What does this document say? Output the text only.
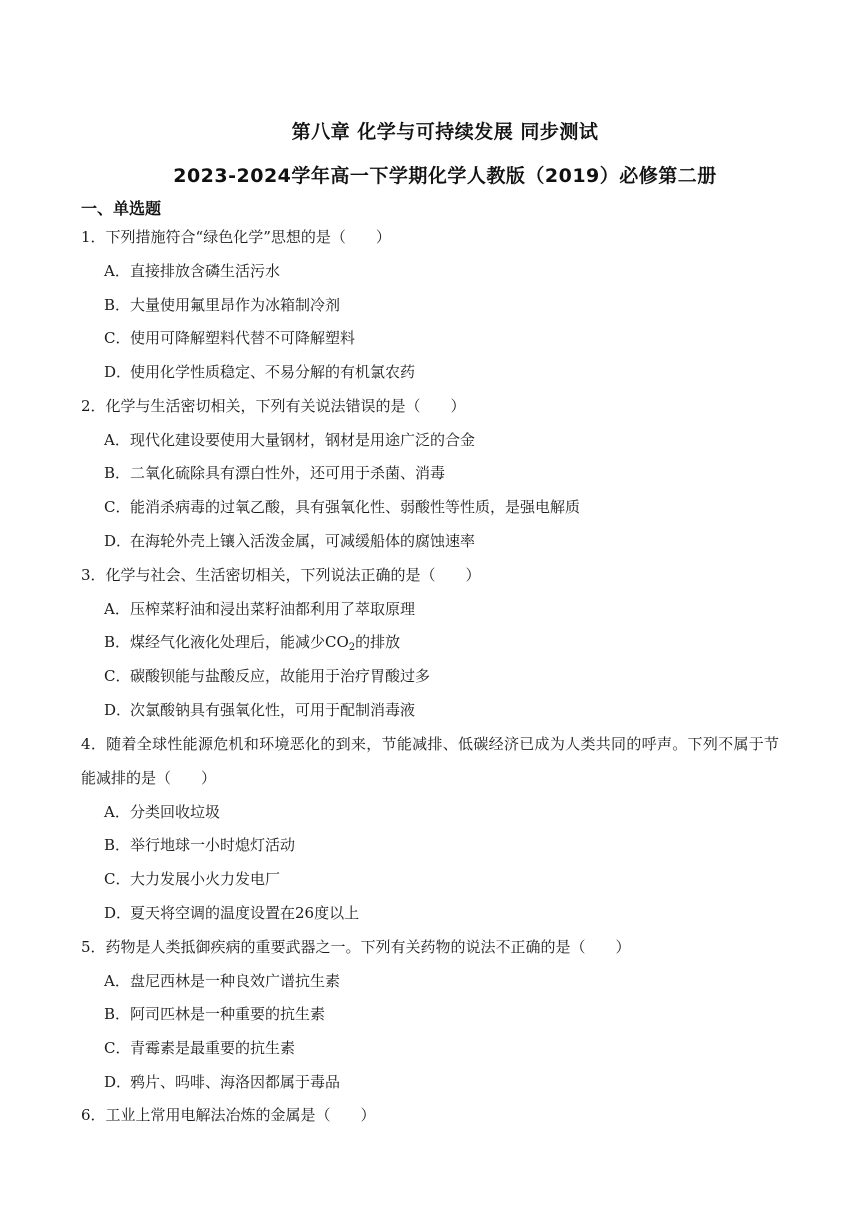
第八章 化学与可持续发展 同步测试
2023-2024学年高一下学期化学人教版（2019）必修第二册
一、单选题
1．下列措施符合“绿色化学”思想的是（　　）
A．直接排放含磷生活污水
B．大量使用氟里昂作为冰箱制冷剂
C．使用可降解塑料代替不可降解塑料
D．使用化学性质稳定、不易分解的有机氯农药
2．化学与生活密切相关，下列有关说法错误的是（　　）
A．现代化建设要使用大量钢材，钢材是用途广泛的合金
B．二氧化硫除具有漂白性外，还可用于杀菌、消毒
C．能消杀病毒的过氧乙酸，具有强氧化性、弱酸性等性质，是强电解质
D．在海轮外壳上镶入活泼金属，可减缓船体的腐蚀速率
3．化学与社会、生活密切相关，下列说法正确的是（　　）
A．压榨菜籽油和浸出菜籽油都利用了萃取原理
B．煤经气化液化处理后，能减少$CO_2$的排放
C．碳酸钡能与盐酸反应，故能用于治疗胃酸过多
D．次氯酸钠具有强氧化性，可用于配制消毒液
4．随着全球性能源危机和环境恶化的到来，节能减排、低碳经济已成为人类共同的呼声。下列不属于节
能减排的是（　　）
A．分类回收垃圾
B．举行地球一小时熄灯活动
C．大力发展小火力发电厂
D．夏天将空调的温度设置在26度以上
5．药物是人类抵御疾病的重要武器之一。下列有关药物的说法不正确的是（　　）
A．盘尼西林是一种良效广谱抗生素
B．阿司匹林是一种重要的抗生素
C．青霉素是最重要的抗生素
D．鸦片、吗啡、海洛因都属于毒品
6．工业上常用电解法冶炼的金属是（　　）
